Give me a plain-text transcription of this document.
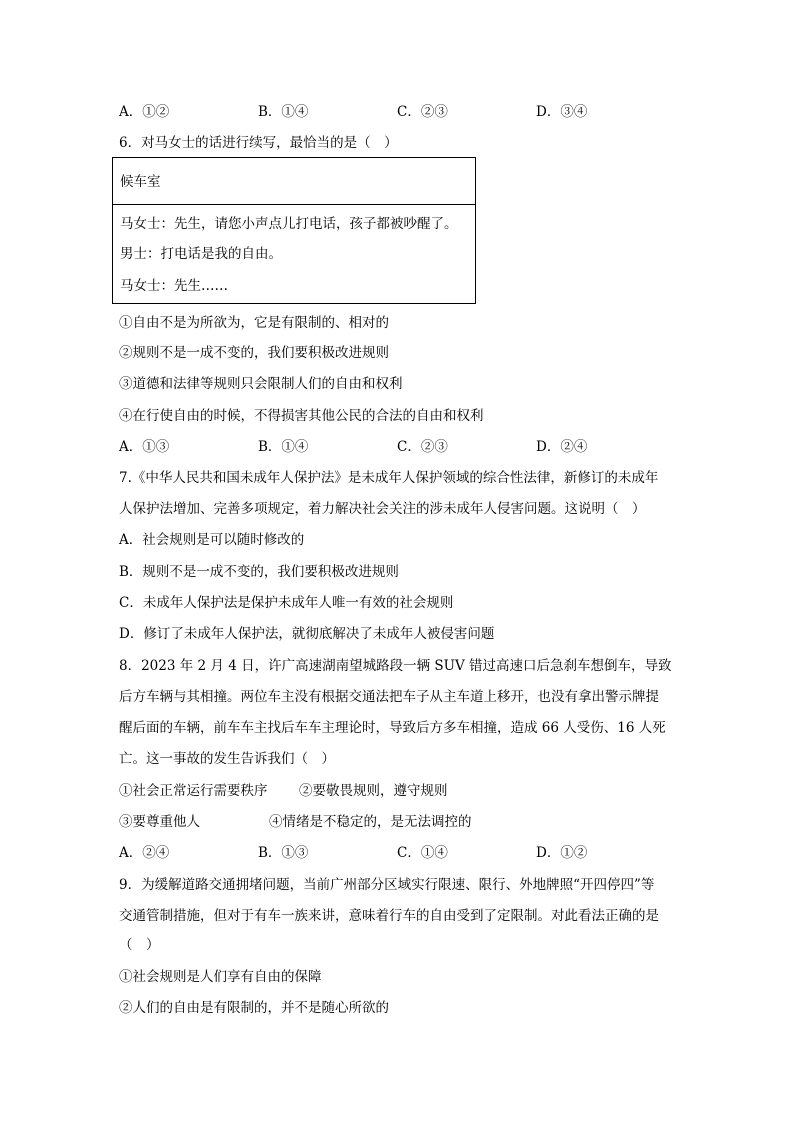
A．①②	B．①④	C．②③	D．③④
6．对马女士的话进行续写，最恰当的是（　）
候车室
马女士：先生，请您小声点儿打电话，孩子都被吵醒了。
男士：打电话是我的自由。
马女士：先生……
①自由不是为所欲为，它是有限制的、相对的
②规则不是一成不变的，我们要积极改进规则
③道德和法律等规则只会限制人们的自由和权利
④在行使自由的时候，不得损害其他公民的合法的自由和权利
A．①③	B．①④	C．②③	D．②④
7.《中华人民共和国未成年人保护法》是未成年人保护领域的综合性法律，新修订的未成年
人保护法增加、完善多项规定，着力解决社会关注的涉未成年人侵害问题。这说明（　）
A．社会规则是可以随时修改的
B．规则不是一成不变的，我们要积极改进规则
C．未成年人保护法是保护未成年人唯一有效的社会规则
D．修订了未成年人保护法，就彻底解决了未成年人被侵害问题
8．2023 年 2 月 4 日，许广高速湖南望城路段一辆 SUV 错过高速口后急刹车想倒车，导致
后方车辆与其相撞。两位车主没有根据交通法把车子从主车道上移开，也没有拿出警示牌提
醒后面的车辆，前车车主找后车车主理论时，导致后方多车相撞，造成 66 人受伤、16 人死
亡。这一事故的发生告诉我们（　）
①社会正常运行需要秩序 ②要敬畏规则，遵守规则
③要尊重他人	④情绪是不稳定的，是无法调控的
A．②④	B．①③	C．①④	D．①②
9．为缓解道路交通拥堵问题，当前广州部分区域实行限速、限行、外地牌照“开四停四”等
交通管制措施，但对于有车一族来讲，意味着行车的自由受到了定限制。对此看法正确的是
（　）
①社会规则是人们享有自由的保障
②人们的自由是有限制的，并不是随心所欲的
